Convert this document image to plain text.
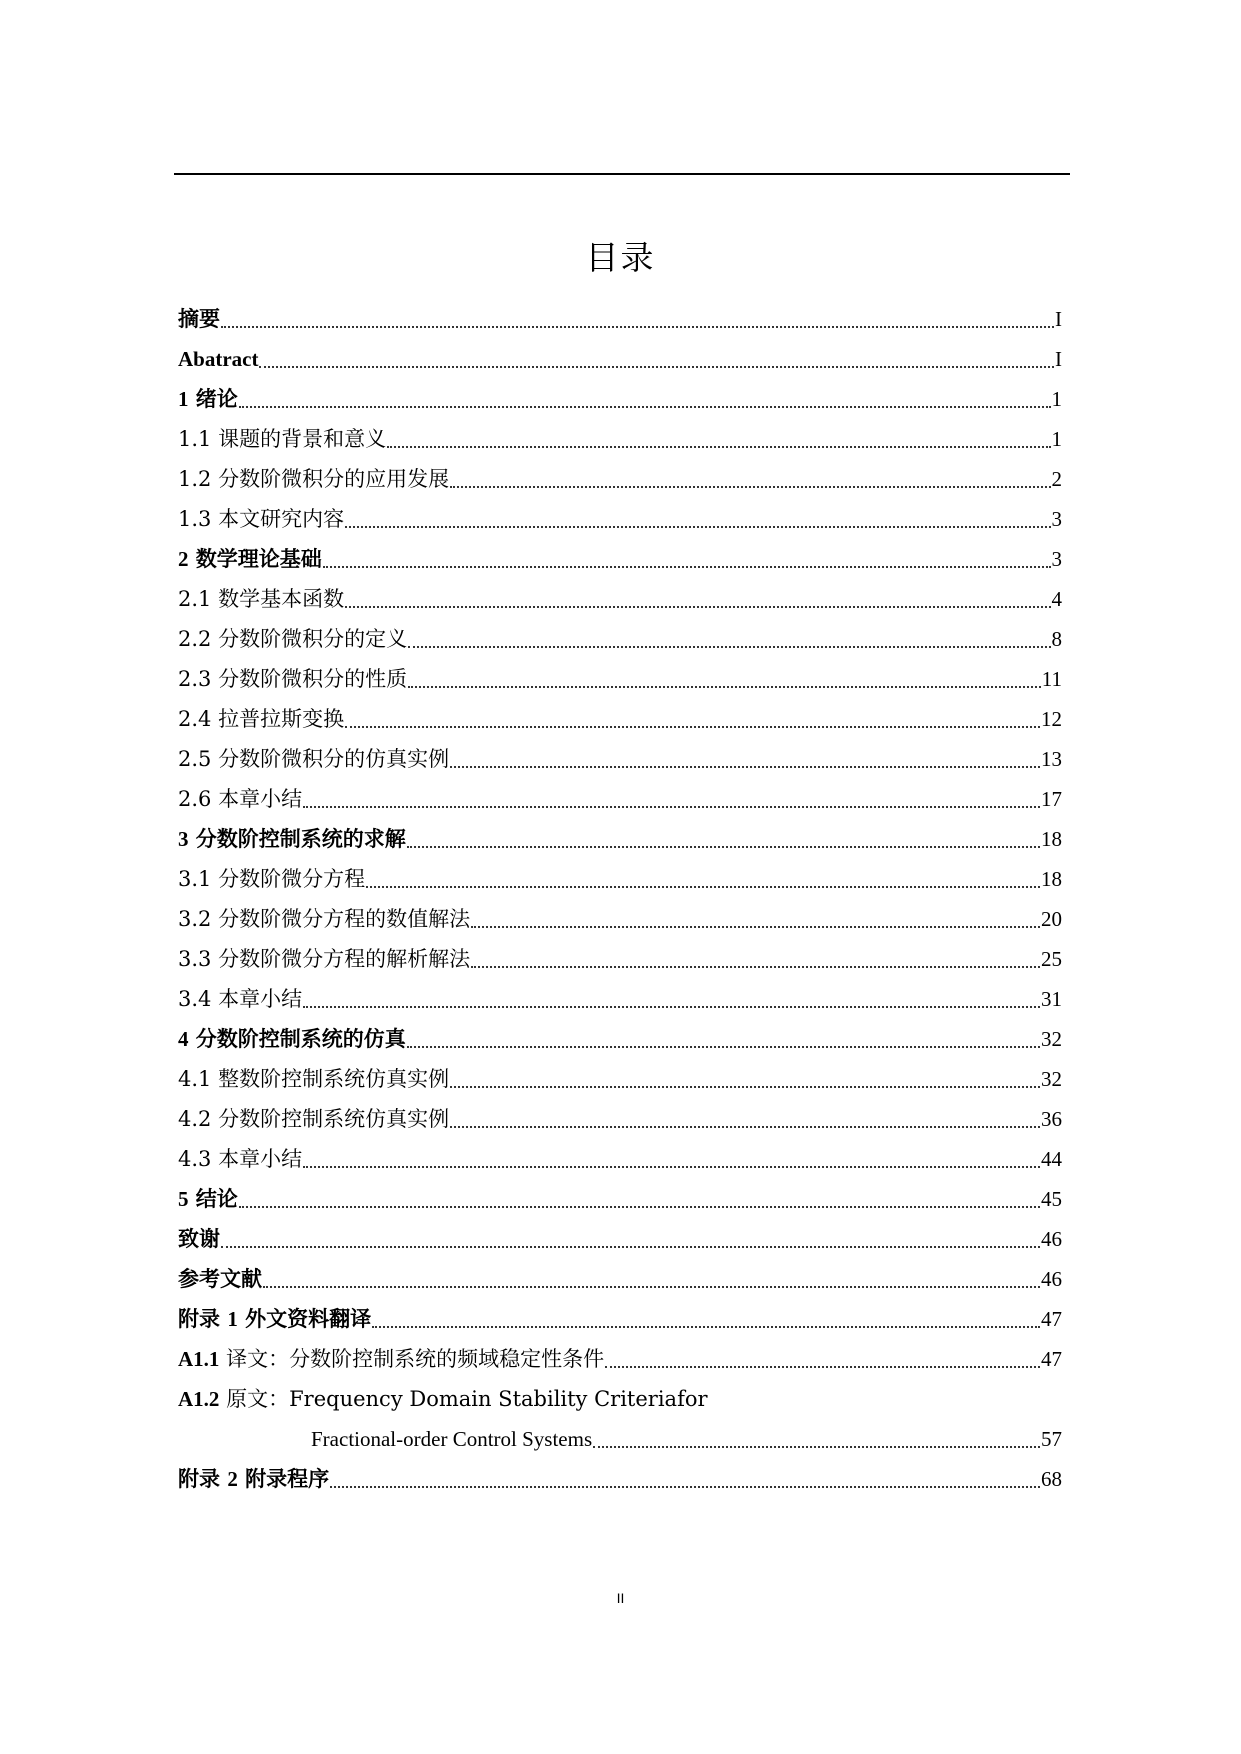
目录
摘要	I
Abatract	I
1 绪论	1
1.1 课题的背景和意义	1
1.2 分数阶微积分的应用发展	2
1.3 本文研究内容	3
2 数学理论基础	3
2.1 数学基本函数	4
2.2 分数阶微积分的定义	8
2.3 分数阶微积分的性质	11
2.4 拉普拉斯变换	12
2.5 分数阶微积分的仿真实例	13
2.6 本章小结	17
3 分数阶控制系统的求解	18
3.1 分数阶微分方程	18
3.2 分数阶微分方程的数值解法	20
3.3 分数阶微分方程的解析解法	25
3.4 本章小结	31
4 分数阶控制系统的仿真	32
4.1 整数阶控制系统仿真实例	32
4.2 分数阶控制系统仿真实例	36
4.3 本章小结	44
5 结论	45
致谢	46
参考文献	46
附录 1 外文资料翻译	47
A1.1 译文：分数阶控制系统的频域稳定性条件	47
A1.2 原文：Frequency Domain Stability Criteriafor
Fractional-order Control Systems	57
附录 2 附录程序	68
II
